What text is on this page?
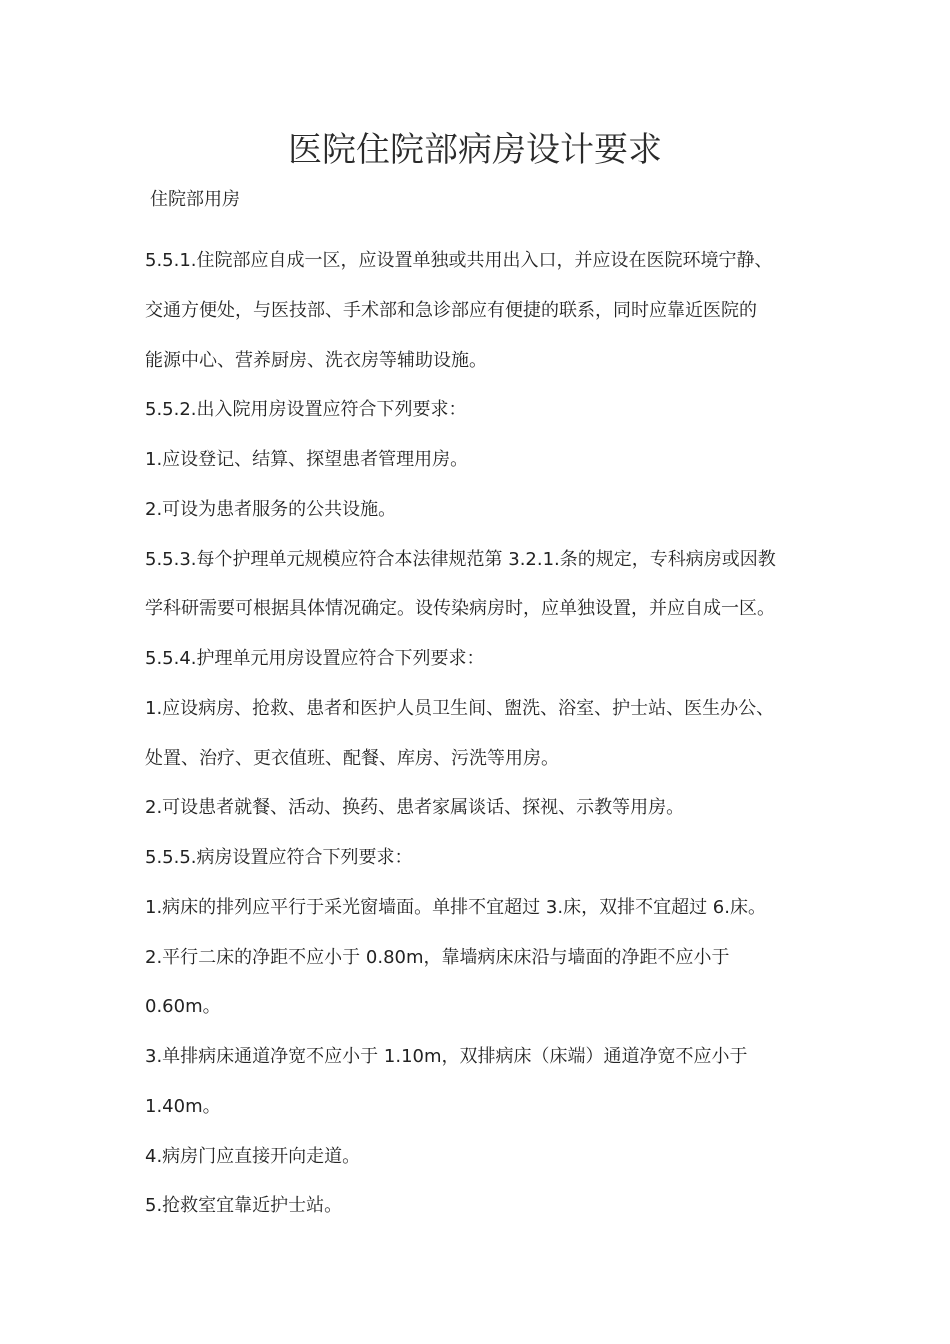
医院住院部病房设计要求
住院部用房

5.5.1.住院部应自成一区，应设置单独或共用出入口，并应设在医院环境宁静、

交通方便处，与医技部、手术部和急诊部应有便捷的联系，同时应靠近医院的

能源中心、营养厨房、洗衣房等辅助设施。

5.5.2.出入院用房设置应符合下列要求：

1.应设登记、结算、探望患者管理用房。

2.可设为患者服务的公共设施。

5.5.3.每个护理单元规模应符合本法律规范第 3.2.1.条的规定，专科病房或因教

学科研需要可根据具体情况确定。设传染病房时，应单独设置，并应自成一区。

5.5.4.护理单元用房设置应符合下列要求：

1.应设病房、抢救、患者和医护人员卫生间、盥洗、浴室、护士站、医生办公、

处置、治疗、更衣值班、配餐、库房、污洗等用房。

2.可设患者就餐、活动、换药、患者家属谈话、探视、示教等用房。

5.5.5.病房设置应符合下列要求：

1.病床的排列应平行于采光窗墙面。单排不宜超过 3.床，双排不宜超过 6.床。

2.平行二床的净距不应小于 0.80m，靠墙病床床沿与墙面的净距不应小于

0.60m。

3.单排病床通道净宽不应小于 1.10m，双排病床（床端）通道净宽不应小于

1.40m。

4.病房门应直接开向走道。

5.抢救室宜靠近护士站。
